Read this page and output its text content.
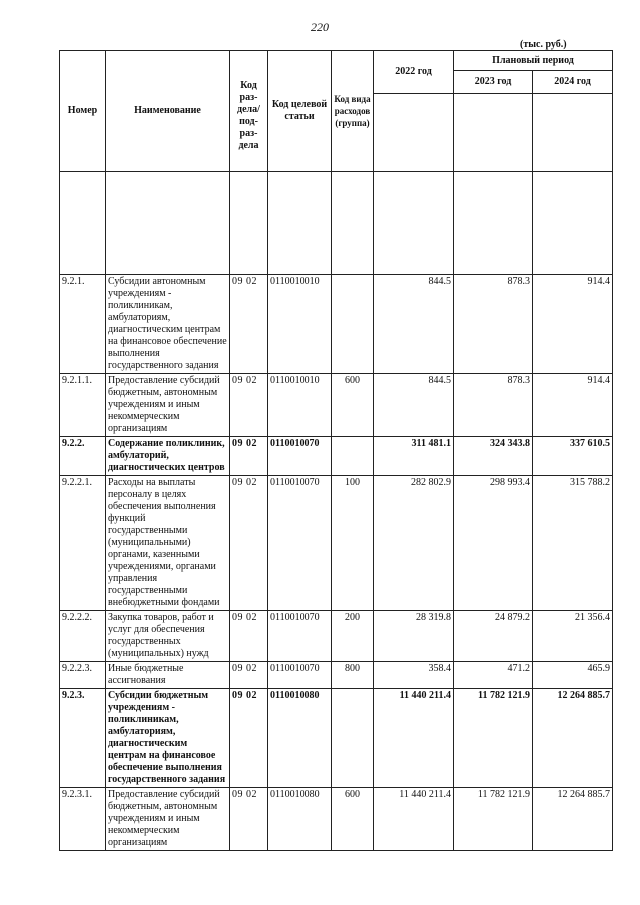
220
(тыс. руб.)
Номер	Наименование	Код раз- дела/ под- раз- дела	Код целевой статьи	Код вида расходов (группа)	2022 год	Плановый период	
						2023 год	2024 год

9.2.1.	Субсидии автономным учреждениям - поликлиникам, амбулаториям, диагностическим центрам на финансовое обеспечение выполнения государственного задания	09 02	0110010010		844.5	878.3	914.4
9.2.1.1.	Предоставление субсидий бюджетным, автономным учреждениям и иным некоммерческим организациям	09 02	0110010010	600	844.5	878.3	914.4
9.2.2.	Содержание поликлиник, амбулаторий, диагностических центров	09 02	0110010070		311 481.1	324 343.8	337 610.5
9.2.2.1.	Расходы на выплаты персоналу в целях обеспечения выполнения функций государственными (муниципальными) органами, казенными учреждениями, органами управления государственными внебюджетными фондами	09 02	0110010070	100	282 802.9	298 993.4	315 788.2
9.2.2.2.	Закупка товаров, работ и услуг для обеспечения государственных (муниципальных) нужд	09 02	0110010070	200	28 319.8	24 879.2	21 356.4
9.2.2.3.	Иные бюджетные ассигнования	09 02	0110010070	800	358.4	471.2	465.9
9.2.3.	Субсидии бюджетным учреждениям - поликлиникам, амбулаториям, диагностическим центрам на финансовое обеспечение выполнения государственного задания	09 02	0110010080		11 440 211.4	11 782 121.9	12 264 885.7
9.2.3.1.	Предоставление субсидий бюджетным, автономным учреждениям и иным некоммерческим организациям	09 02	0110010080	600	11 440 211.4	11 782 121.9	12 264 885.7
